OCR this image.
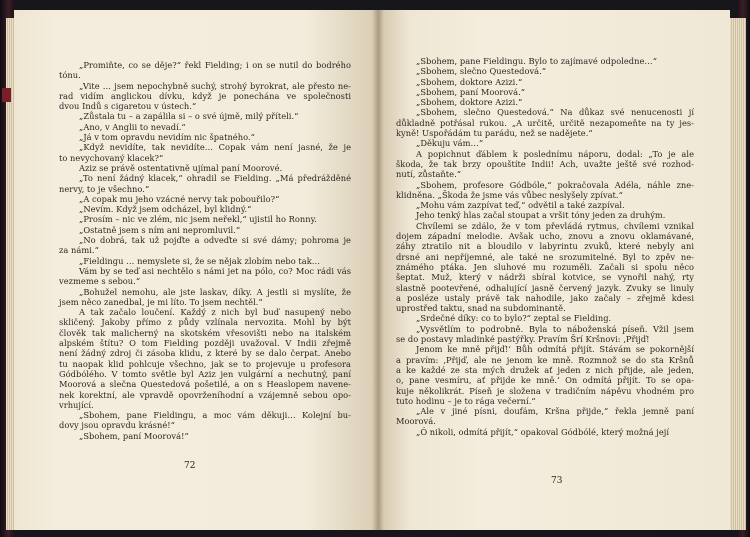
„Promiňte, co se děje?“ řekl Fielding; i on se nutil do bodrého
tónu.
„Vite … jsem nepochybně suchý, strohý byrokrat, ale přesto ne-
rad vidím anglickou dívku, když je ponechána ve společnosti
dvou Indů s cigaretou v ústech.“
„Zůstala tu – a zapálila si – o své újmě, milý příteli.“
„Ano, v Anglii to nevadí.“
„Já v tom opravdu nevidím nic špatného.“
„Když nevidíte, tak nevidíte… Copak vám není jasné, že je
to nevychovaný klacek?“
Aziz se právě ostentativně ujímal paní Moorové.
„To není žádný klacek,“ ohradil se Fielding. „Má předrážděné
nervy, to je všechno.“
„A copak mu jeho vzácné nervy tak pobouřilo?“
„Nevím. Když jsem odcházel, byl klidný.“
„Prosím – nic ve zlém, nic jsem neřekl,“ ujistil ho Ronny.
„Ostatně jsem s ním ani nepromluvil.“
„No dobrá, tak už pojďte a odveďte si své dámy; pohroma je
za námi.“
„Fieldingu … nemyslete si, že se nějak zlobím nebo tak…
Vám by se teď asi nechtělo s námi jet na pólo, co? Moc rádi vás
vezmeme s sebou.“
„Bohužel nemohu, ale jste laskav, díky. A jestli si myslíte, že
jsem něco zanedbal, je mi líto. To jsem nechtěl.“
A tak začalo loučení. Každý z nich byl buď nasupený nebo
skličený. Jakoby přímo z půdy vzlínala nervozita. Mohl by být
člověk tak malicherný na skotském vřesovišti nebo na italském
alpském štítu? O tom Fielding později uvažoval. V Indii zřejmě
není žádný zdroj či zásoba klidu, z které by se dalo čerpat. Anebo
tu naopak klid pohlcuje všechno, jak se to projevuje u profesora
Gódbólého. V tomto světle byl Aziz jen vulgární a nechutný, paní
Moorová a slečna Questedová pošetilé, a on s Heaslopem navene-
nek korektní, ale vpravdě opovrženíhodní a vzájemně sebou opo-
vrhující.
„Sbohem, pane Fieldingu, a moc vám děkuji… Kolejní bu-
dovy jsou opravdu krásné!“
„Sbohem, paní Moorová!“
72
„Sbohem, pane Fieldingu. Bylo to zajímavé odpoledne…“
„Sbohem, slečno Questedová.“
„Sbohem, doktore Azizi.“
„Sbohem, paní Moorová.“
„Sbohem, doktore Azizi.“
„Sbohem, slečno Questedová.“ Na důkaz své nenucenosti jí
důkladně potřásal rukou. „A určitě, určitě nezapomeňte na ty jes-
kyně! Uspořádám tu parádu, než se nadějete.“
„Děkuju vám…“
A popichnut ďáblem k poslednímu náporu, dodal: „To je ale
škoda, že tak brzy opouštíte Indii! Ach, uvažte ještě své rozhod-
nutí, zůstaňte.“
„Sbohem, profesore Gódbóle,“ pokračovala Adéla, náhle zne-
klidněna. „Škoda že jsme vás vůbec neslyšely zpívat.“
„Mohu vám zazpívat teď,“ odvětil a také zazpíval.
Jeho tenký hlas začal stoupat a vršit tóny jeden za druhým.
Chvílemi se zdálo, že v tom převládá rytmus, chvílemi vznikal
dojem západní melodie. Avšak ucho, znovu a znovu oklamávané,
záhy ztratilo nit a bloudilo v labyrintu zvuků, které nebyly ani
drsné ani nepříjemné, ale také ne srozumitelné. Byl to zpěv ne-
známého ptáka. Jen sluhové mu rozuměli. Začali si spolu něco
šeptat. Muž, který v nádrži sbíral kotvice, se vynořil nahý, rty
slastně pootevřené, odhalující jasně červený jazyk. Zvuky se linuly
a posléze ustaly právě tak nahodile, jako začaly – zřejmě kdesi
uprostřed taktu, snad na subdominantě.
„Srdečné díky: co to bylo?“ zeptal se Fielding.
„Vysvětlím to podrobně. Byla to náboženská píseň. Vžil jsem
se do postavy mladinké pastýřky. Pravím Šrí Kršnovi: ‚Přijď!
Jenom ke mně přijď!‘ Bůh odmítá přijít. Stávám se pokornější
a pravím: ‚Přijď, ale ne jenom ke mně. Rozmnož se do sta Kršnů
a ke každé ze sta mých družek ať jeden z nich přijde, ale jeden,
o, pane vesmíru, ať přijde ke mně.‘ On odmítá přijít. To se opa-
kuje několikrát. Píseň je složena v tradičním nápěvu vhodném pro
tuto hodinu – je to rága večerní.“
„Ale v jiné písni, doufám, Kršna přijde,“ řekla jemně paní
Moorová.
„Ó nikoli, odmítá přijít,“ opakoval Gódbólé, který možná její
73
